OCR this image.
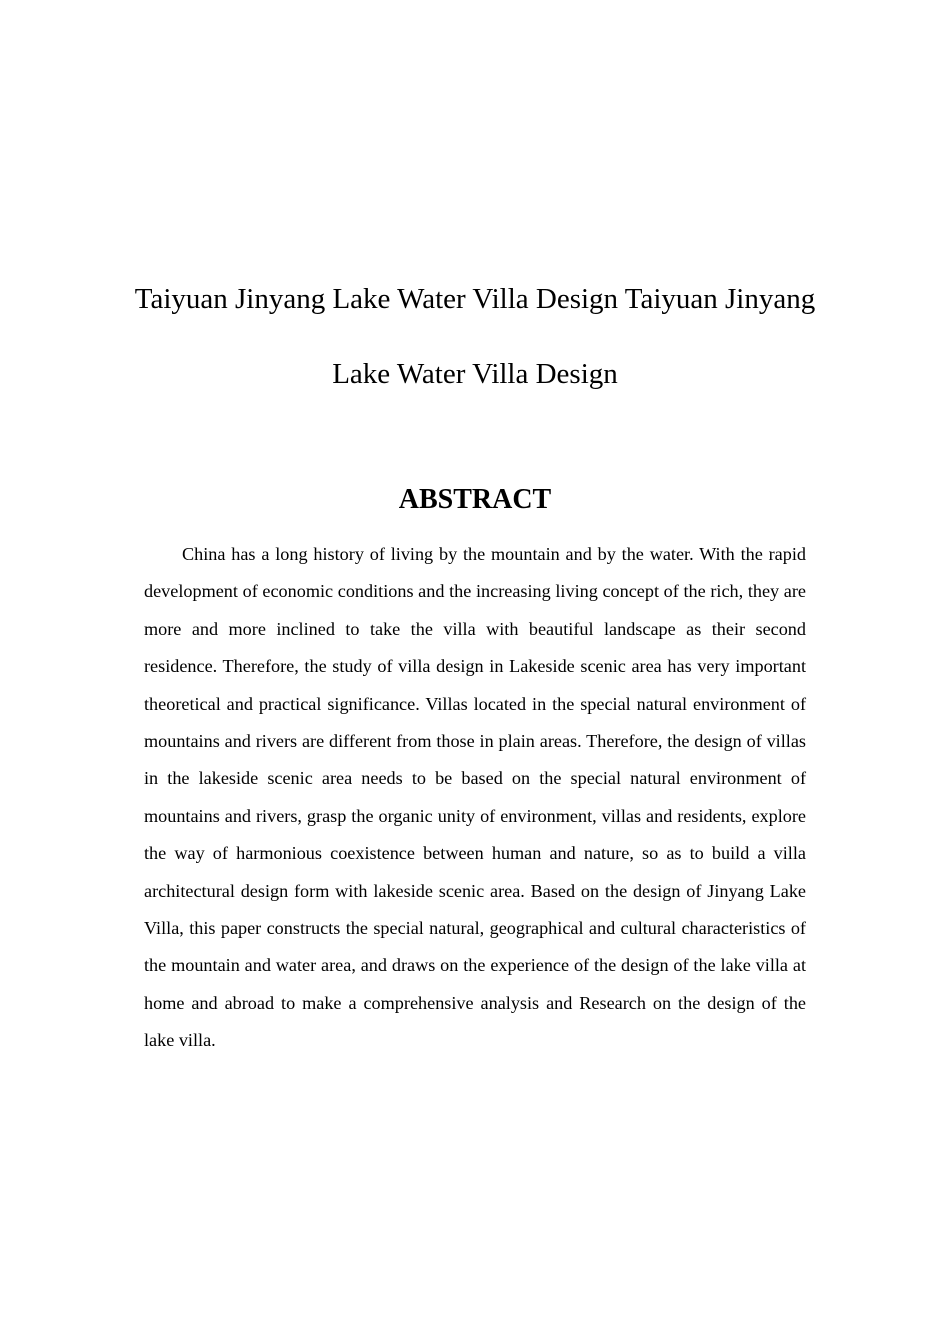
Taiyuan Jinyang Lake Water Villa Design Taiyuan Jinyang Lake Water Villa Design
ABSTRACT

China has a long history of living by the mountain and by the water. With the rapid development of economic conditions and the increasing living concept of the rich, they are more and more inclined to take the villa with beautiful landscape as their second residence. Therefore, the study of villa design in Lakeside scenic area has very important theoretical and practical significance. Villas located in the special natural environment of mountains and rivers are different from those in plain areas. Therefore, the design of villas in the lakeside scenic area needs to be based on the special natural environment of mountains and rivers, grasp the organic unity of environment, villas and residents, explore the way of harmonious coexistence between human and nature, so as to build a villa architectural design form with lakeside scenic area. Based on the design of Jinyang Lake Villa, this paper constructs the special natural, geographical and cultural characteristics of the mountain and water area, and draws on the experience of the design of the lake villa at home and abroad to make a comprehensive analysis and Research on the design of the lake villa.
